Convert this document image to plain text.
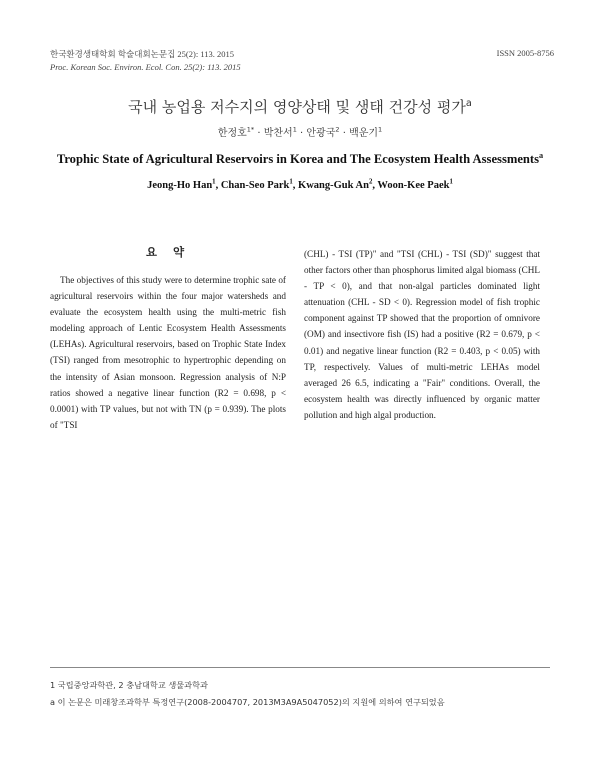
한국환경생태학회 학술대회논문집 25(2): 113. 2015
Proc. Korean Soc. Environ. Ecol. Con. 25(2): 113. 2015
ISSN 2005-8756
국내 농업용 저수지의 영양상태 및 생태 건강성 평가$^a$
한정호$^{1*}$ · 박찬서$^1$ · 안광국$^2$ · 백운기$^1$
Trophic State of Agricultural Reservoirs in Korea and The Ecosystem Health Assessments$^a$
Jeong-Ho Han$^1$, Chan-Seo Park$^1$, Kwang-Guk An$^2$, Woon-Kee Paek$^1$
요 약
The objectives of this study were to determine trophic sate of agricultural reservoirs within the four major watersheds and evaluate the ecosystem health using the multi-metric fish modeling approach of Lentic Ecosystem Health Assessments (LEHAs). Agricultural reservoirs, based on Trophic State Index (TSI) ranged from mesotrophic to hypertrophic depending on the intensity of Asian monsoon. Regression analysis of N:P ratios showed a negative linear function (R2 = 0.698, p < 0.0001) with TP values, but not with TN (p = 0.939). The plots of "TSI
(CHL) - TSI (TP)" and "TSI (CHL) - TSI (SD)" suggest that other factors other than phosphorus limited algal biomass (CHL - TP < 0), and that non-algal particles dominated light attenuation (CHL - SD < 0). Regression model of fish trophic component against TP showed that the proportion of omnivore (OM) and insectivore fish (IS) had a positive (R2 = 0.679, p < 0.01) and negative linear function (R2 = 0.403, p < 0.05) with TP, respectively. Values of multi-metric LEHAs model averaged 26 6.5, indicating a "Fair" conditions. Overall, the ecosystem health was directly influenced by organic matter pollution and high algal production.
1 국립중앙과학관, 2 충남대학교 생물과학과
a 이 논문은 미래창조과학부 특정연구(2008-2004707, 2013M3A9A5047052)의 지원에 의하여 연구되었음
